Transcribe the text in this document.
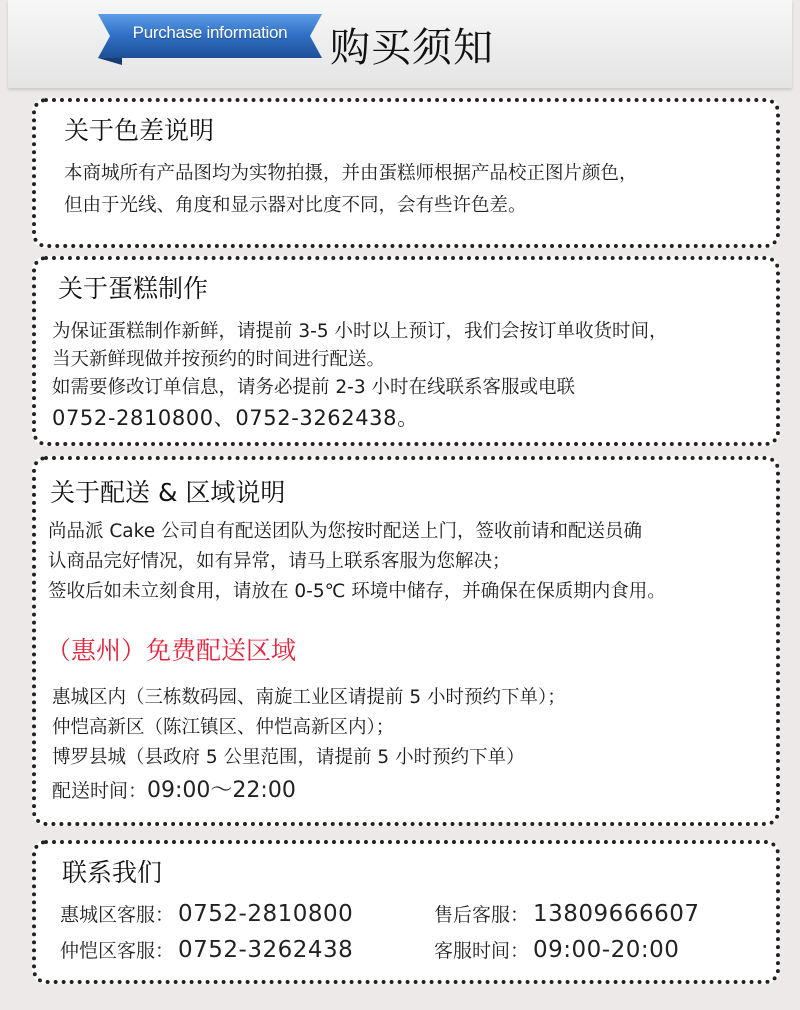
Purchase information	购买须知
关于色差说明
本商城所有产品图均为实物拍摄，并由蛋糕师根据产品校正图片颜色，
但由于光线、角度和显示器对比度不同，会有些许色差。
关于蛋糕制作
为保证蛋糕制作新鲜，请提前 3-5 小时以上预订，我们会按订单收货时间，
当天新鲜现做并按预约的时间进行配送。
如需要修改订单信息，请务必提前 2-3 小时在线联系客服或电联
0752-2810800、0752-3262438。
关于配送 & 区域说明
尚品派 Cake 公司自有配送团队为您按时配送上门，签收前请和配送员确
认商品完好情况，如有异常，请马上联系客服为您解决；
签收后如未立刻食用，请放在 0-5℃ 环境中储存，并确保在保质期内食用。
（惠州）免费配送区域
惠城区内（三栋数码园、南旋工业区请提前 5 小时预约下单）；
仲恺高新区（陈江镇区、仲恺高新区内）；
博罗县城（县政府 5 公里范围，请提前 5 小时预约下单）
配送时间：09:00～22:00
联系我们
惠城区客服： 0752-2810800
仲恺区客服： 0752-3262438
售后客服： 13809666607
客服时间： 09:00-20:00
